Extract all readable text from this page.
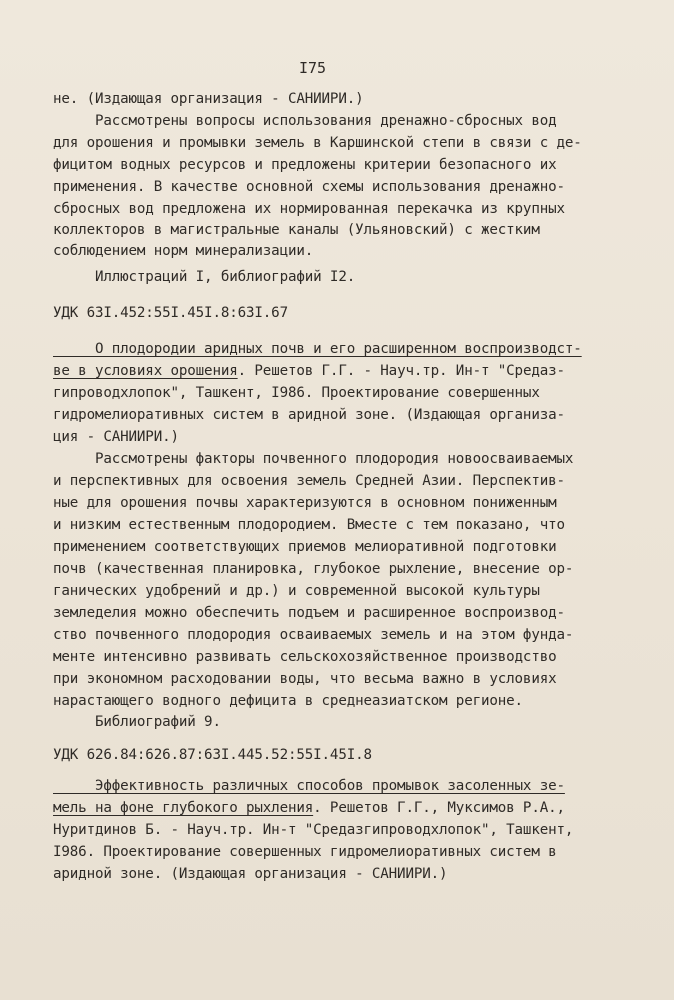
I75
не. (Издающая организация - САНИИРИ.)
Рассмотрены вопросы использования дренажно-сбросных вод
для орошения и промывки земель в Каршинской степи в связи с де-
фицитом водных ресурсов и предложены критерии безопасного их
применения. В качестве основной схемы использования дренажно-
сбросных вод предложена их нормированная перекачка из крупных
коллекторов в магистральные каналы (Ульяновский) с жестким
соблюдением норм минерализации.
Иллюстраций I, библиографий I2.
УДК 63I.452:55I.45I.8:63I.67
О плодородии аридных почв и его расширенном воспроизводст-
ве в условиях орошения. Решетов Г.Г. - Науч.тр. Ин-т "Средаз-
гипроводхлопок", Ташкент, I986. Проектирование совершенных
гидромелиоративных систем в аридной зоне. (Издающая организа-
ция - САНИИРИ.)
Рассмотрены факторы почвенного плодородия новоосваиваемых
и перспективных для освоения земель Средней Азии. Перспектив-
ные для орошения почвы характеризуются в основном пониженным
и низким естественным плодородием. Вместе с тем показано, что
применением соответствующих приемов мелиоративной подготовки
почв (качественная планировка, глубокое рыхление, внесение ор-
ганических удобрений и др.) и современной высокой культуры
земледелия можно обеспечить подъем и расширенное воспроизвод-
ство почвенного плодородия осваиваемых земель и на этом фунда-
менте интенсивно развивать сельскохозяйственное производство
при экономном расходовании воды, что весьма важно в условиях
нарастающего водного дефицита в среднеазиатском регионе.
Библиографий 9.
УДК 626.84:626.87:63I.445.52:55I.45I.8
Эффективность различных способов промывок засоленных зе-
мель на фоне глубокого рыхления. Решетов Г.Г., Муксимов Р.А.,
Нуритдинов Б. - Науч.тр. Ин-т "Средазгипроводхлопок", Ташкент,
I986. Проектирование совершенных гидромелиоративных систем в
аридной зоне. (Издающая организация - САНИИРИ.)
